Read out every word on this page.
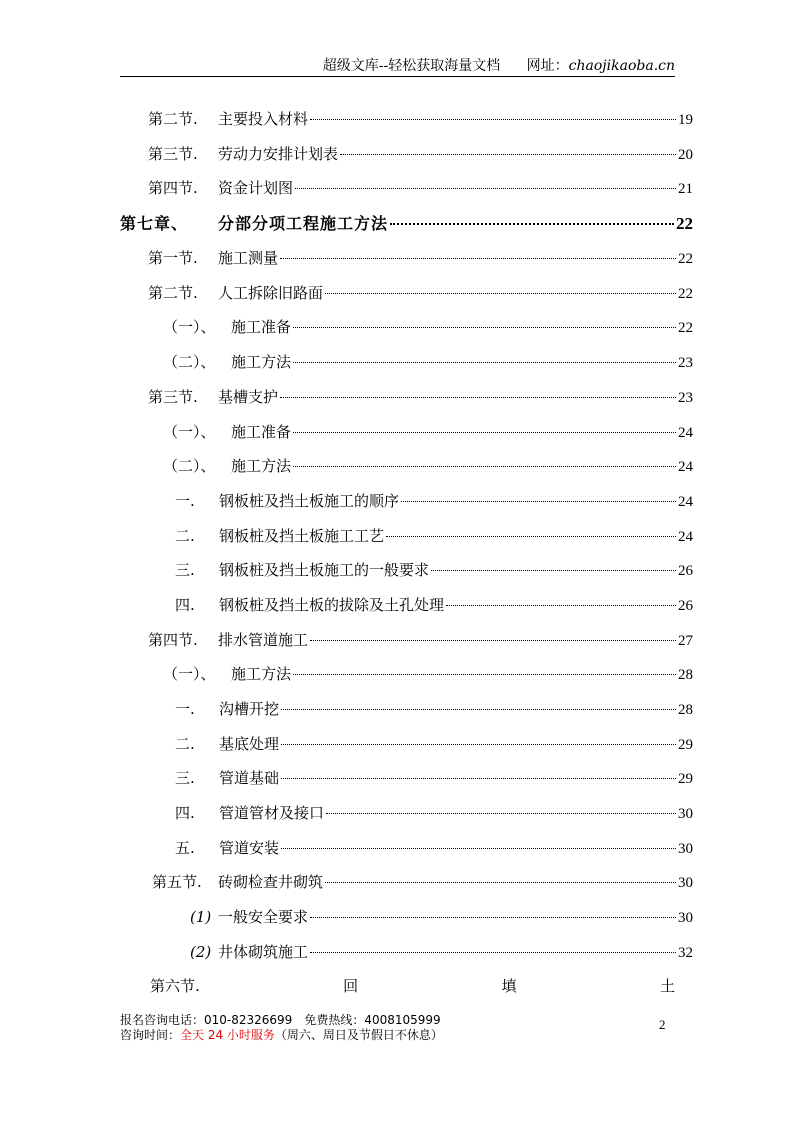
超级文库--轻松获取海量文档 网址：chaojikaoba.cn
第二节.	主要投入材料	19
第三节.	劳动力安排计划表	20
第四节.	资金计划图	21
第七章、	分部分项工程施工方法	22
第一节.	施工测量	22
第二节.	人工拆除旧路面	22
（一）、	施工准备	22
（二）、	施工方法	23
第三节.	基槽支护	23
（一）、	施工准备	24
（二）、	施工方法	24
一.	钢板桩及挡土板施工的顺序	24
二.	钢板桩及挡土板施工工艺	24
三.	钢板桩及挡土板施工的一般要求	26
四.	钢板桩及挡土板的拔除及土孔处理	26
第四节.	排水管道施工	27
（一）、	施工方法	28
一.	沟槽开挖	28
二.	基底处理	29
三.	管道基础	29
四.	管道管材及接口	30
五.	管道安装	30
第五节.	砖砌检查井砌筑	30
(1) 一般安全要求	30
(2) 井体砌筑施工	32
第六节.	回	填	土
报名咨询电话：010-82326699　免费热线：4008105999
咨询时间：全天 24 小时服务（周六、周日及节假日不休息）
2
